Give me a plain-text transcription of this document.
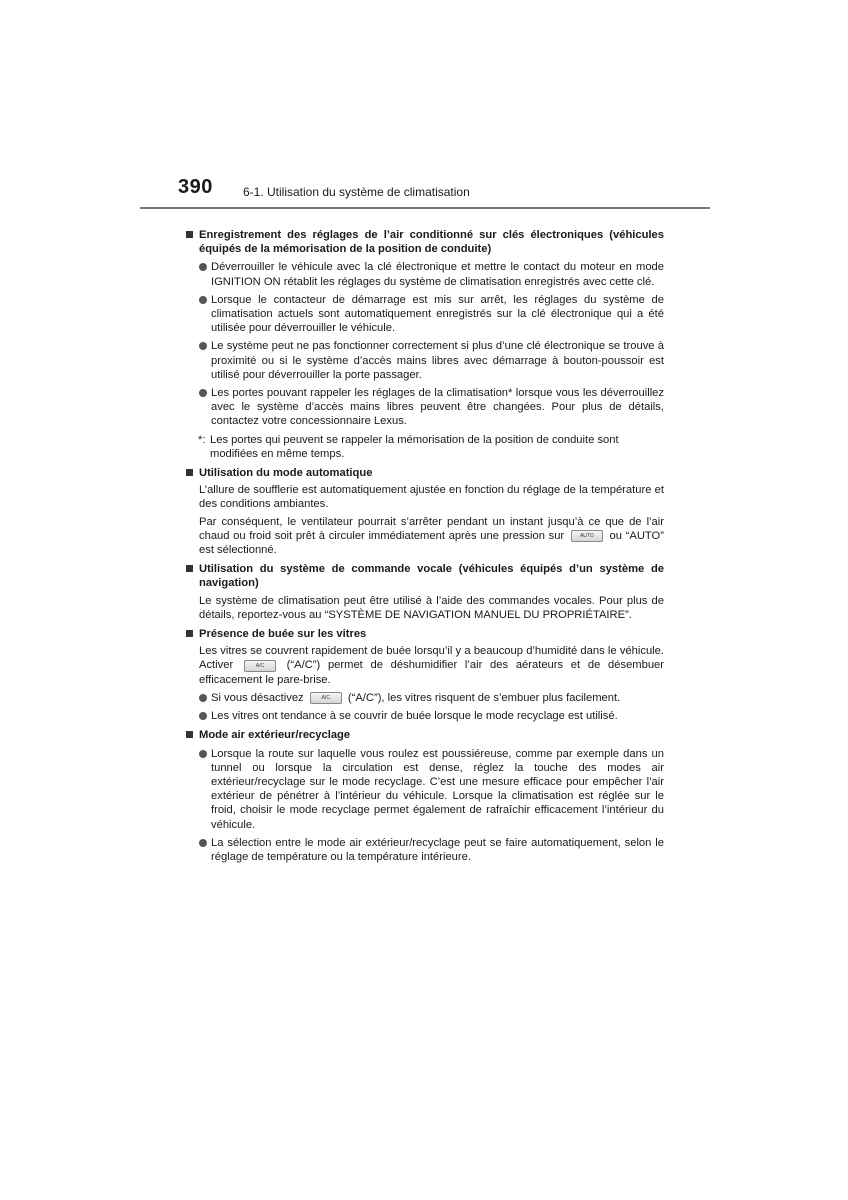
390	6-1. Utilisation du système de climatisation
Enregistrement des réglages de l’air conditionné sur clés électroniques (véhicules équipés de la mémorisation de la position de conduite)
Déverrouiller le véhicule avec la clé électronique et mettre le contact du moteur en mode IGNITION ON rétablit les réglages du système de climatisation enregistrés avec cette clé.
Lorsque le contacteur de démarrage est mis sur arrêt, les réglages du système de climatisation actuels sont automatiquement enregistrés sur la clé électronique qui a été utilisée pour déverrouiller le véhicule.
Le système peut ne pas fonctionner correctement si plus d’une clé électronique se trouve à proximité ou si le système d’accès mains libres avec démarrage à bouton-poussoir est utilisé pour déverrouiller la porte passager.
Les portes pouvant rappeler les réglages de la climatisation* lorsque vous les déverrouillez avec le système d’accès mains libres peuvent être changées. Pour plus de détails, contactez votre concessionnaire Lexus.
*: Les portes qui peuvent se rappeler la mémorisation de la position de conduite sont modifiées en même temps.
Utilisation du mode automatique
L’allure de soufflerie est automatiquement ajustée en fonction du réglage de la température et des conditions ambiantes.
Par conséquent, le ventilateur pourrait s’arrêter pendant un instant jusqu’à ce que de l’air chaud ou froid soit prêt à circuler immédiatement après une pression sur	AUTO ou “AUTO” est sélectionné.
Utilisation du système de commande vocale (véhicules équipés d’un système de navigation)
Le système de climatisation peut être utilisé à l’aide des commandes vocales. Pour plus de détails, reportez-vous au “SYSTÈME DE NAVIGATION MANUEL DU PROPRIÉTAIRE”.
Présence de buée sur les vitres
Les vitres se couvrent rapidement de buée lorsqu’il y a beaucoup d’humidité dans le véhicule. Activer	A/C (“A/C”) permet de déshumidifier l’air des aérateurs et de désembuer efficacement le pare-brise.
Si vous désactivez	A/C (“A/C”), les vitres risquent de s’embuer plus facilement.
Les vitres ont tendance à se couvrir de buée lorsque le mode recyclage est utilisé.
Mode air extérieur/recyclage
Lorsque la route sur laquelle vous roulez est poussiéreuse, comme par exemple dans un tunnel ou lorsque la circulation est dense, réglez la touche des modes air extérieur/recyclage sur le mode recyclage. C’est une mesure efficace pour empêcher l’air extérieur de pénétrer à l’intérieur du véhicule. Lorsque la climatisation est réglée sur le froid, choisir le mode recyclage permet également de rafraîchir efficacement l’intérieur du véhicule.
La sélection entre le mode air extérieur/recyclage peut se faire automatiquement, selon le réglage de température ou la température intérieure.
